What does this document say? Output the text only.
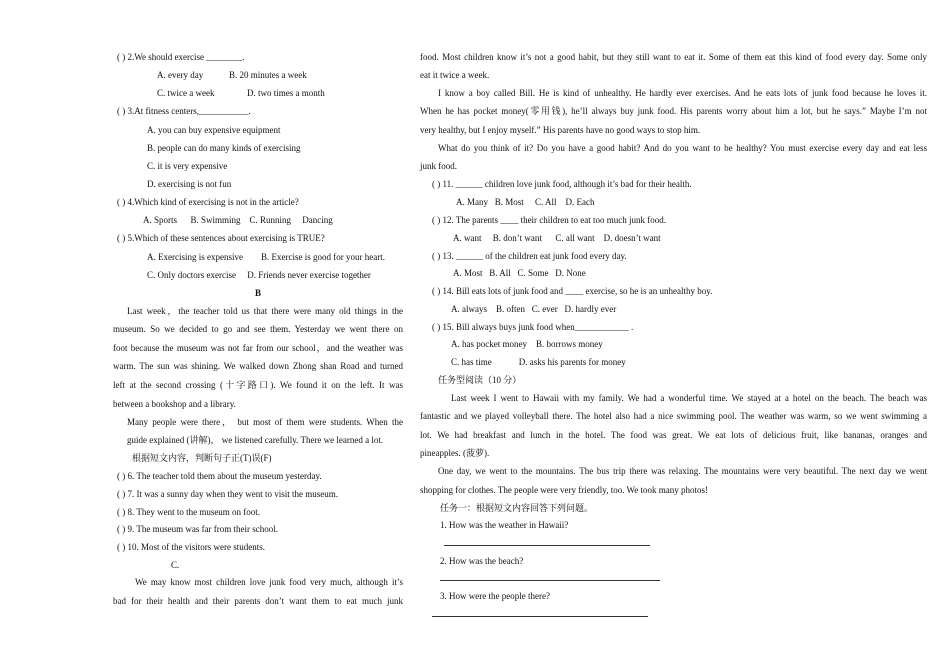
( ) 2.We should exercise ________.
A. every day	B. 20 minutes a week
C. twice a week	D. two times a month
( ) 3.At fitness centers,___________.
A. you can buy expensive equipment
B. people can do many kinds of exercising
C. it is very expensive
D. exercising is not fun
( ) 4.Which kind of exercising is not in the article?
A. Sports      B. Swimming    C. Running     Dancing
( ) 5.Which of these sentences about exercising is TRUE?
A. Exercising is expensive        B. Exercise is good for your heart.
C. Only doctors exercise     D. Friends never exercise together
B
Last week，the teacher told us that there were many old things in the
museum. So we decided to go and see them. Yesterday we went there on
foot because the museum was not far from our school，and the weather was
warm. The sun was shining. We walked down Zhong shan Road and turned
left at the second crossing (十字路口). We found it on the left. It was
between a bookshop and a library.
Many people were there， but most of them were students. When the
guide explained (讲解)， we listened carefully. There we learned a lot.
根据短文内容，判断句子正(T)误(F)
( ) 6. The teacher told them about the museum yesterday.
( ) 7. It was a sunny day when they went to visit the museum.
( ) 8. They went to the museum on foot.
( ) 9. The museum was far from their school.
( ) 10. Most of the visitors were students.
C.
We may know most children love junk food very much, although it’s
bad for their health and their parents don’t want them to eat much junk
food. Most children know it’s not a good habit, but they still want to eat it. Some of them eat this kind of food every day. Some only
eat it twice a week.
I know a boy called Bill. He is kind of unhealthy. He hardly ever exercises. And he eats lots of junk food because he loves it.
When he has pocket money(零用钱), he’ll always buy junk food. His parents worry about him a lot, but he says.” Maybe I’m not
very healthy, but I enjoy myself.” His parents have no good ways to stop him.
What do you think of it? Do you have a good habit? And do you want to be healthy? You must exercise every day and eat less
junk food.
( ) 11. ______ children love junk food, although it’s bad for their health.
A. Many   B. Most     C. All    D. Each
( ) 12. The parents ____ their children to eat too much junk food.
A. want     B. don’t want      C. all want    D. doesn’t want
( ) 13. ______ of the children eat junk food every day.
A. Most   B. All   C. Some   D. None
( ) 14. Bill eats lots of junk food and ____ exercise, so he is an unhealthy boy.
A. always    B. often   C. ever   D. hardly ever
( ) 15. Bill always buys junk food when____________ .
A. has pocket money    B. borrows money
C. has time            D. asks his parents for money
任务型阅读（10 分）
Last week I went to Hawaii with my family. We had a wonderful time. We stayed at a hotel on the beach. The beach was
fantastic and we played volleyball there. The hotel also had a nice swimming pool. The weather was warm, so we went swimming a
lot. We had breakfast and lunch in the hotel. The food was great. We eat lots of delicious fruit, like bananas, oranges and
pineapples. (菠萝).
One day, we went to the mountains. The bus trip there was relaxing. The mountains were very beautiful. The next day we went
shopping for clothes. The people were very friendly, too. We took many photos!
任务一：根据短文内容回答下列问题。
1. How was the weather in Hawaii?
2. How was the beach?
3. How were the people there?
